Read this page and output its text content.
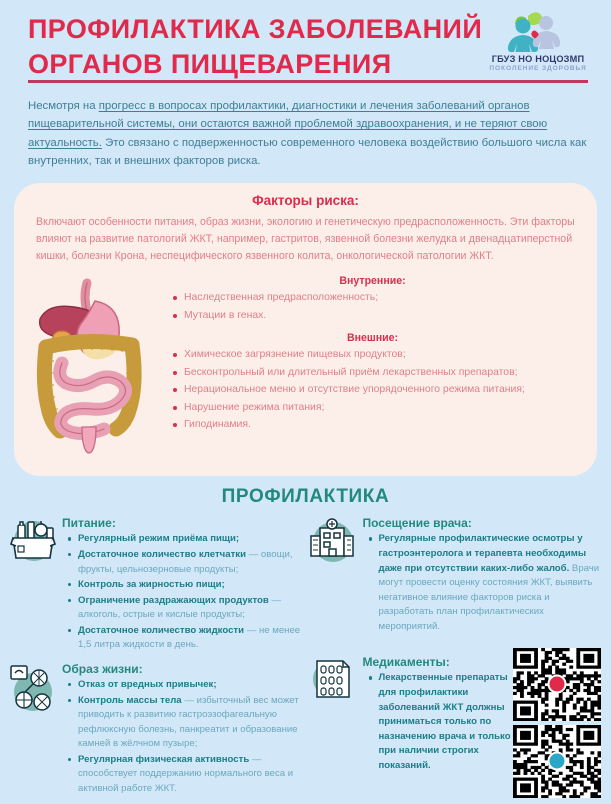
ПРОФИЛАКТИКА ЗАБОЛЕВАНИЙ
ОРГАНОВ ПИЩЕВАРЕНИЯ	ГБУЗ НО НОЦОЗМП
ПОКОЛЕНИЕ ЗДОРОВЬЯ
Несмотря на прогресс в вопросах профилактики, диагностики и лечения заболеваний органов пищеварительной системы, они остаются важной проблемой здравоохранения, и не теряют свою актуальность. Это связано с подверженностью современного человека воздействию большого числа как внутренних, так и внешних факторов риска.
Факторы риска:
Включают особенности питания, образ жизни, экологию и генетическую предрасположенность. Эти факторы влияют на развитие патологий ЖКТ, например, гастритов, язвенной болезни желудка и двенадцатиперстной кишки, болезни Крона, неспецифического язвенного колита, онкологической патологии ЖКТ.
Внутренние:
Наследственная предрасположенность;
Мутации в генах.
Внешние:
Химическое загрязнение пищевых продуктов;
Бесконтрольный или длительный приём лекарственных препаратов;
Нерациональное меню и отсутствие упорядоченного режима питания;
Нарушение режима питания;
Гиподинамия.
ПРОФИЛАКТИКА
Питание:
Регулярный режим приёма пищи;
Достаточное количество клетчатки — овощи, фрукты, цельнозерновые продукты;
Контроль за жирностью пищи;
Ограничение раздражающих продуктов — алкоголь, острые и кислые продукты;
Достаточное количество жидкости — не менее 1,5 литра жидкости в день.
Образ жизни:
Отказ от вредных привычек;
Контроль массы тела — избыточный вес может приводить к развитию гастроэзофагеальную рефлюксную болезнь, панкреатит и образование камней в жёлчном пузыре;
Регулярная физическая активность — способствует поддержанию нормального веса и активной работе ЖКТ.
Посещение врача:
Регулярные профилактические осмотры у гастроэнтеролога и терапевта необходимы даже при отсутствии каких-либо жалоб. Врачи могут провести оценку состояния ЖКТ, выявить негативное влияние факторов риска и разработать план профилактических мероприятий.
Медикаменты:
Лекарственные препараты для профилактики заболеваний ЖКТ должны приниматься только по назначению врача и только при наличии строгих показаний.
